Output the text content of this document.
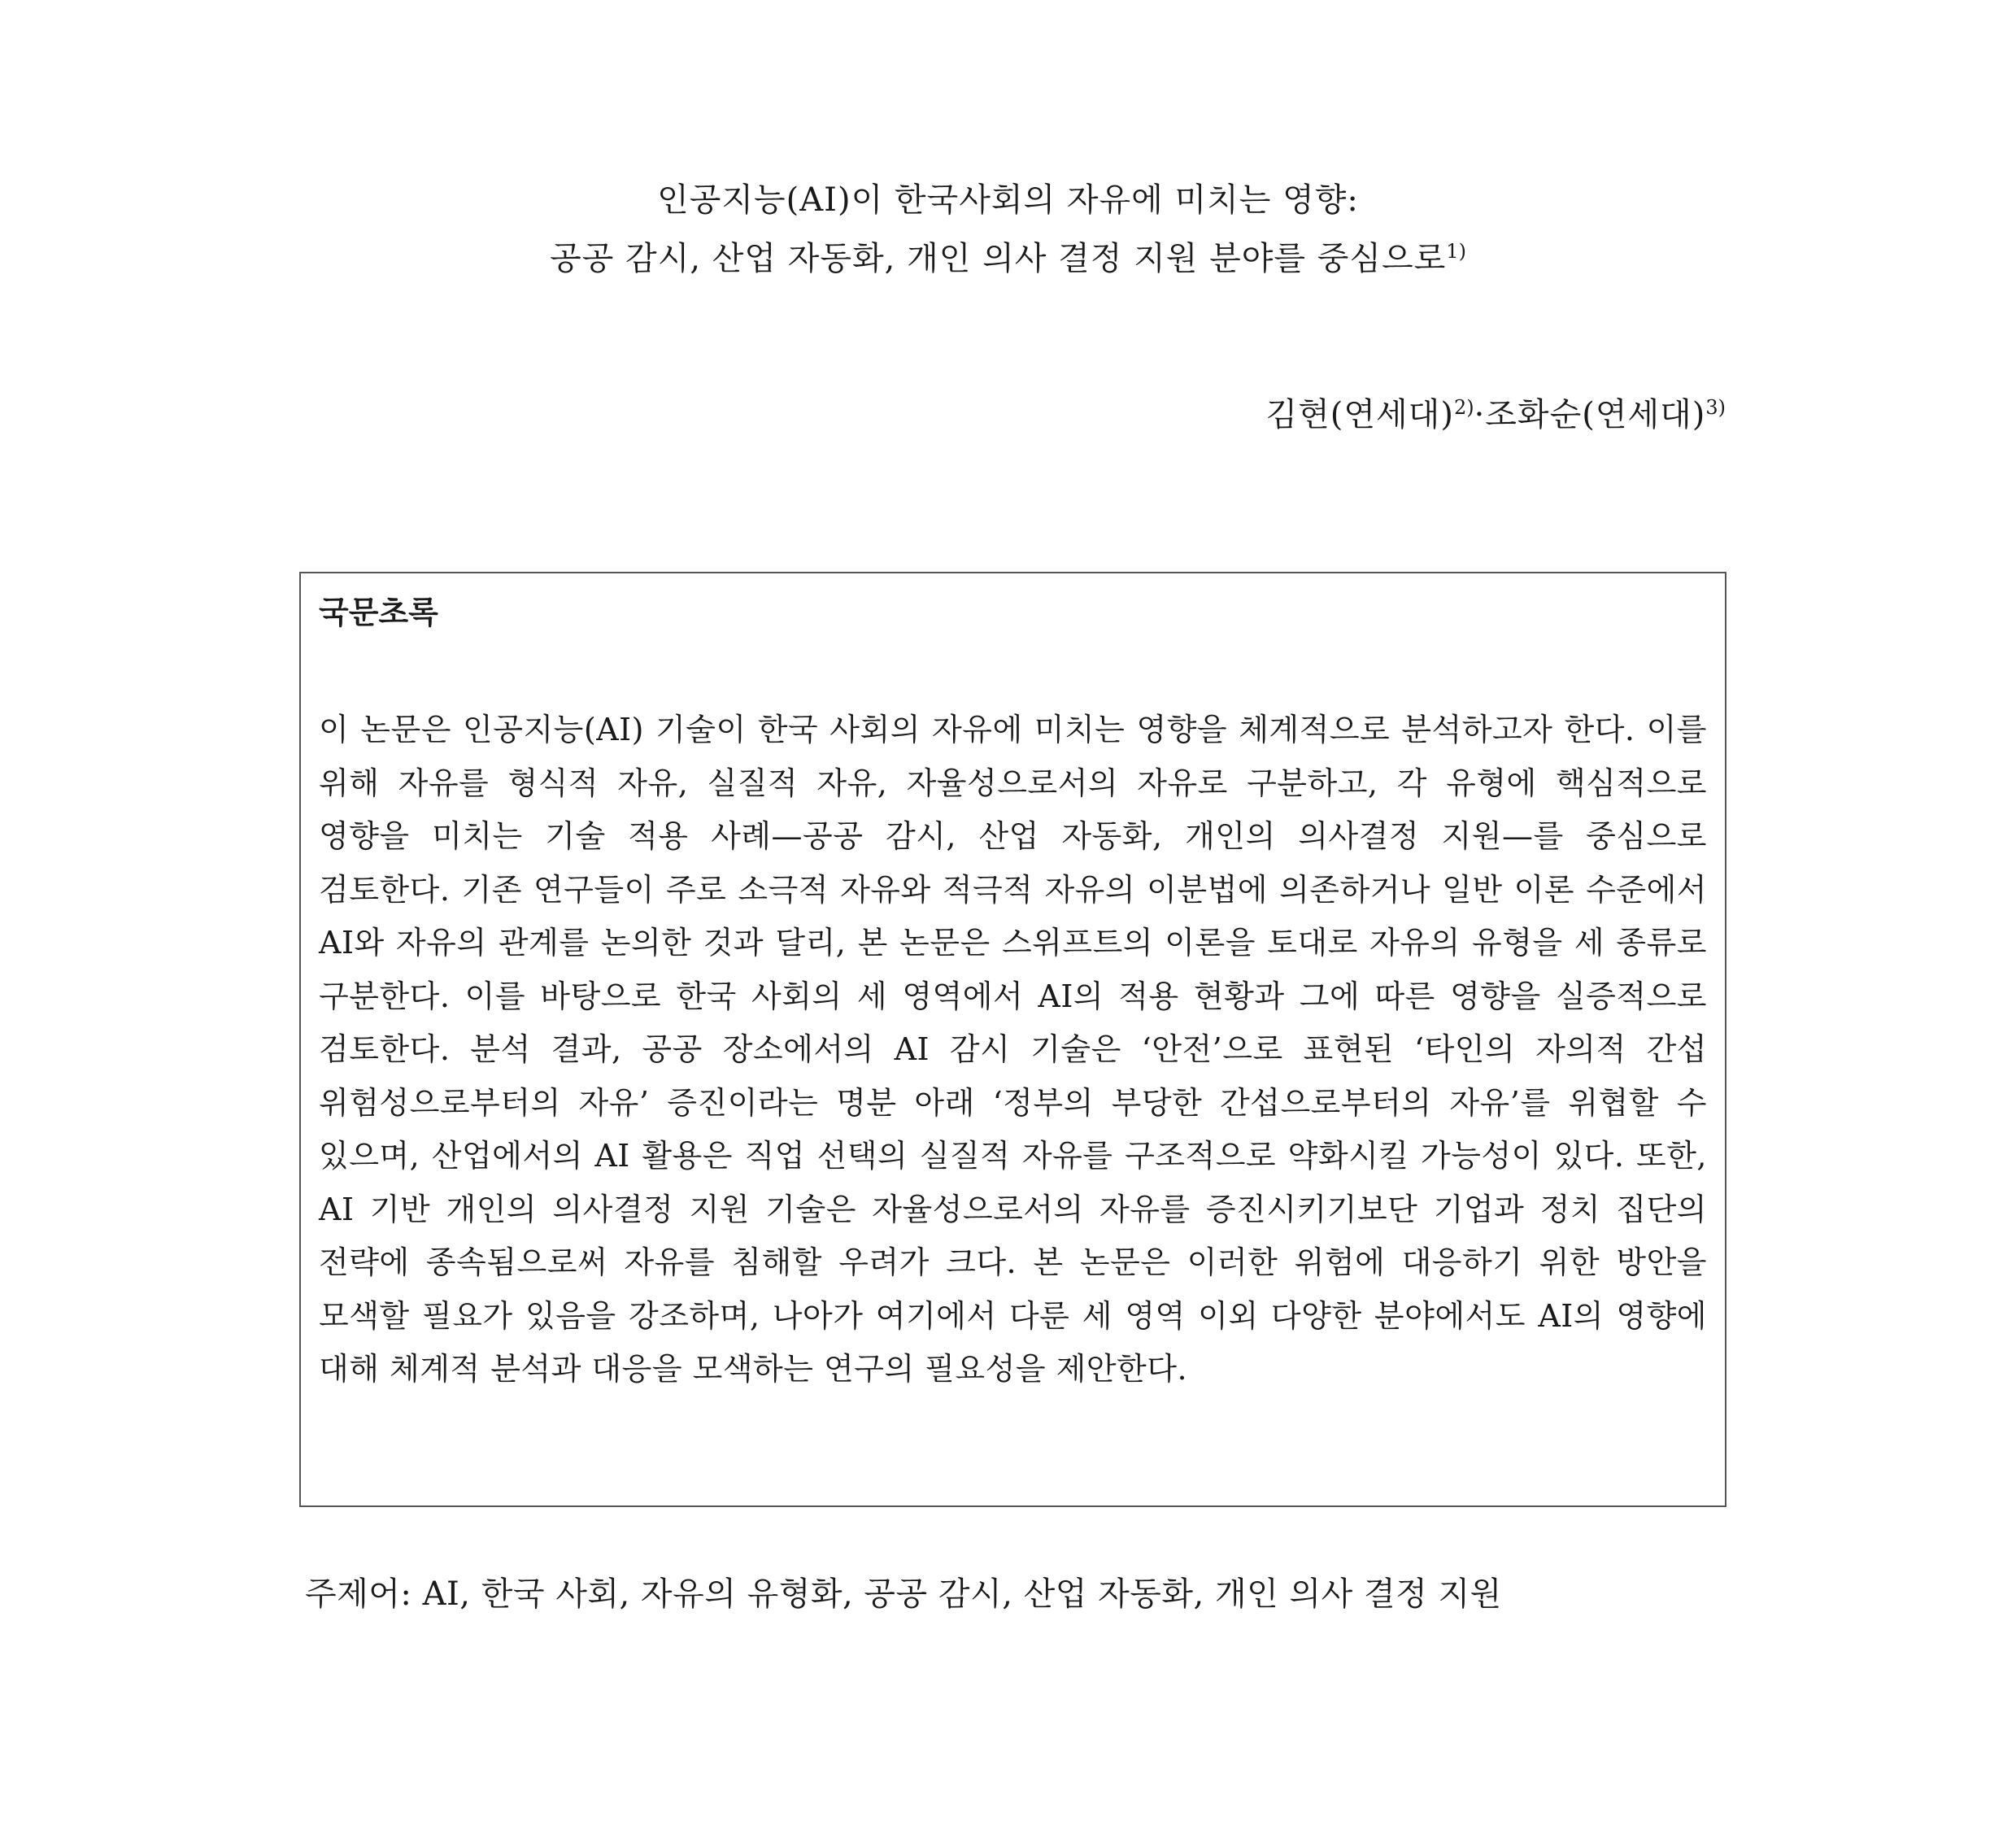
인공지능(AI)이 한국사회의 자유에 미치는 영향:
공공 감시, 산업 자동화, 개인 의사 결정 지원 분야를 중심으로$^{1)}$
김현(연세대)$^{2)}$·조화순(연세대)$^{3)}$
국문초록
이 논문은 인공지능(AI) 기술이 한국 사회의 자유에 미치는 영향을 체계적으로 분석하고자 한다. 이를 위해 자유를 형식적 자유, 실질적 자유, 자율성으로서의 자유로 구분하고, 각 유형에 핵심적으로 영향을 미치는 기술 적용 사례—공공 감시, 산업 자동화, 개인의 의사결정 지원—를 중심으로 검토한다. 기존 연구들이 주로 소극적 자유와 적극적 자유의 이분법에 의존하거나 일반 이론 수준에서 AI와 자유의 관계를 논의한 것과 달리, 본 논문은 스위프트의 이론을 토대로 자유의 유형을 세 종류로 구분한다. 이를 바탕으로 한국 사회의 세 영역에서 AI의 적용 현황과 그에 따른 영향을 실증적으로 검토한다. 분석 결과, 공공 장소에서의 AI 감시 기술은 ‘안전’으로 표현된 ‘타인의 자의적 간섭 위험성으로부터의 자유’ 증진이라는 명분 아래 ‘정부의 부당한 간섭으로부터의 자유’를 위협할 수 있으며, 산업에서의 AI 활용은 직업 선택의 실질적 자유를 구조적으로 약화시킬 가능성이 있다. 또한, AI 기반 개인의 의사결정 지원 기술은 자율성으로서의 자유를 증진시키기보단 기업과 정치 집단의 전략에 종속됨으로써 자유를 침해할 우려가 크다. 본 논문은 이러한 위험에 대응하기 위한 방안을 모색할 필요가 있음을 강조하며, 나아가 여기에서 다룬 세 영역 이외 다양한 분야에서도 AI의 영향에 대해 체계적 분석과 대응을 모색하는 연구의 필요성을 제안한다.
주제어: AI, 한국 사회, 자유의 유형화, 공공 감시, 산업 자동화, 개인 의사 결정 지원
